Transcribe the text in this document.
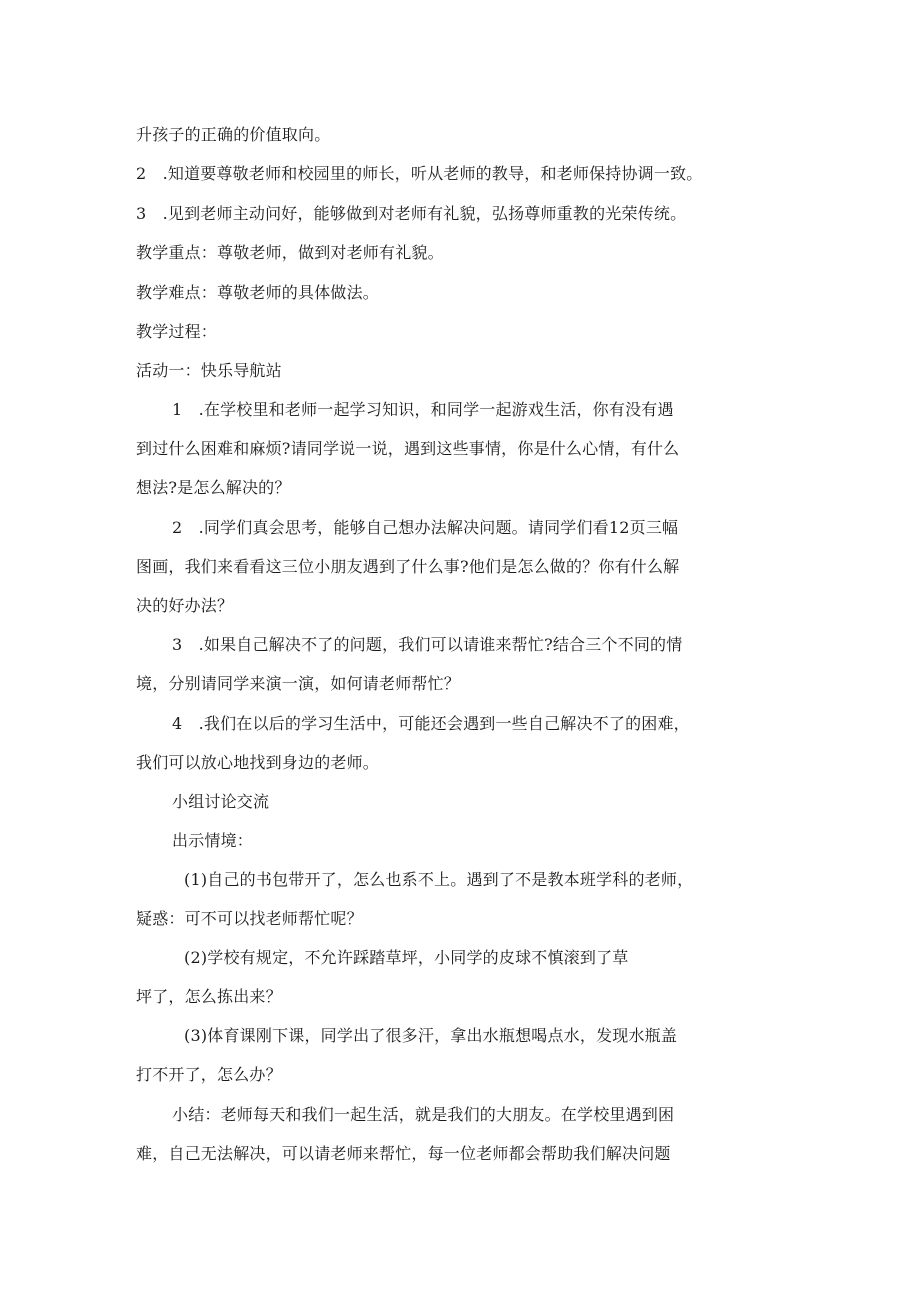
升孩子的正确的价值取向。
2　.知道要尊敬老师和校园里的师长，听从老师的教导，和老师保持协调一致。
3　.见到老师主动问好，能够做到对老师有礼貌，弘扬尊师重教的光荣传统。
教学重点：尊敬老师，做到对老师有礼貌。
教学难点：尊敬老师的具体做法。
教学过程：
活动一：快乐导航站
1　.在学校里和老师一起学习知识，和同学一起游戏生活，你有没有遇
到过什么困难和麻烦?请同学说一说，遇到这些事情，你是什么心情，有什么
想法?是怎么解决的？
2　.同学们真会思考，能够自己想办法解决问题。请同学们看12页三幅
图画，我们来看看这三位小朋友遇到了什么事?他们是怎么做的？你有什么解
决的好办法？
3　.如果自己解决不了的问题，我们可以请谁来帮忙?结合三个不同的情
境，分别请同学来演一演，如何请老师帮忙？
4　.我们在以后的学习生活中，可能还会遇到一些自己解决不了的困难，
我们可以放心地找到身边的老师。
小组讨论交流
出示情境：
(1)自己的书包带开了，怎么也系不上。遇到了不是教本班学科的老师，
疑惑：可不可以找老师帮忙呢？
(2)学校有规定，不允许踩踏草坪，小同学的皮球不慎滚到了草
坪了，怎么拣出来？
(3)体育课刚下课，同学出了很多汗，拿出水瓶想喝点水，发现水瓶盖
打不开了，怎么办？
小结：老师每天和我们一起生活，就是我们的大朋友。在学校里遇到困
难，自己无法解决，可以请老师来帮忙，每一位老师都会帮助我们解决问题
